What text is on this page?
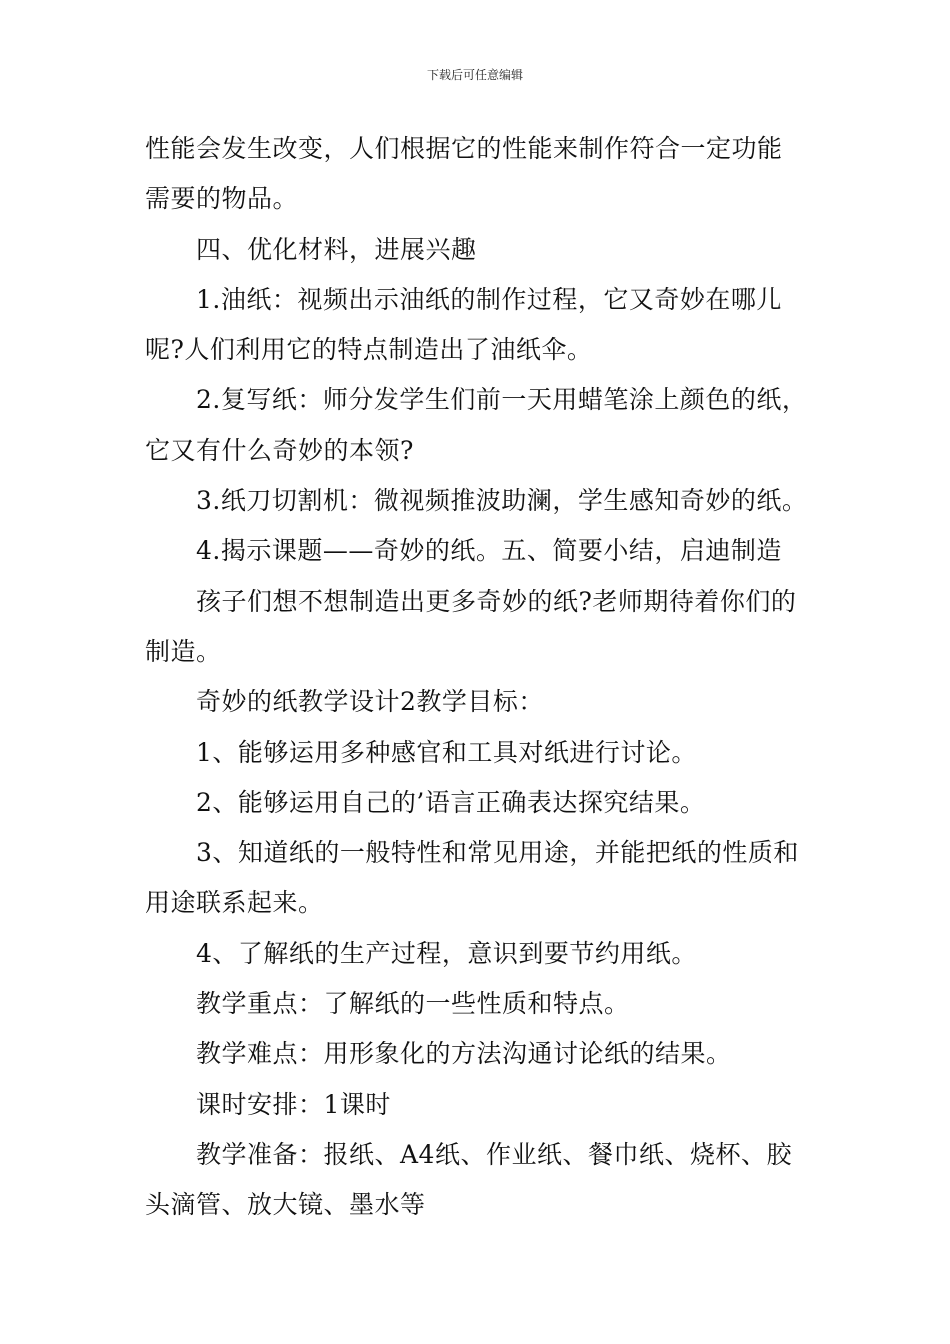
下载后可任意编辑
性能会发生改变，人们根据它的性能来制作符合一定功能
需要的物品。
四、优化材料，进展兴趣
1.油纸：视频出示油纸的制作过程，它又奇妙在哪儿
呢?人们利用它的特点制造出了油纸伞。
2.复写纸：师分发学生们前一天用蜡笔涂上颜色的纸，
它又有什么奇妙的本领?
3.纸刀切割机：微视频推波助澜，学生感知奇妙的纸。
4.揭示课题——奇妙的纸。五、简要小结，启迪制造
孩子们想不想制造出更多奇妙的纸?老师期待着你们的
制造。
奇妙的纸教学设计2教学目标：
1、能够运用多种感官和工具对纸进行讨论。
2、能够运用自己的’语言正确表达探究结果。
3、知道纸的一般特性和常见用途，并能把纸的性质和
用途联系起来。
4、了解纸的生产过程，意识到要节约用纸。
教学重点：了解纸的一些性质和特点。
教学难点：用形象化的方法沟通讨论纸的结果。
课时安排：1课时
教学准备：报纸、A4纸、作业纸、餐巾纸、烧杯、胶
头滴管、放大镜、墨水等
